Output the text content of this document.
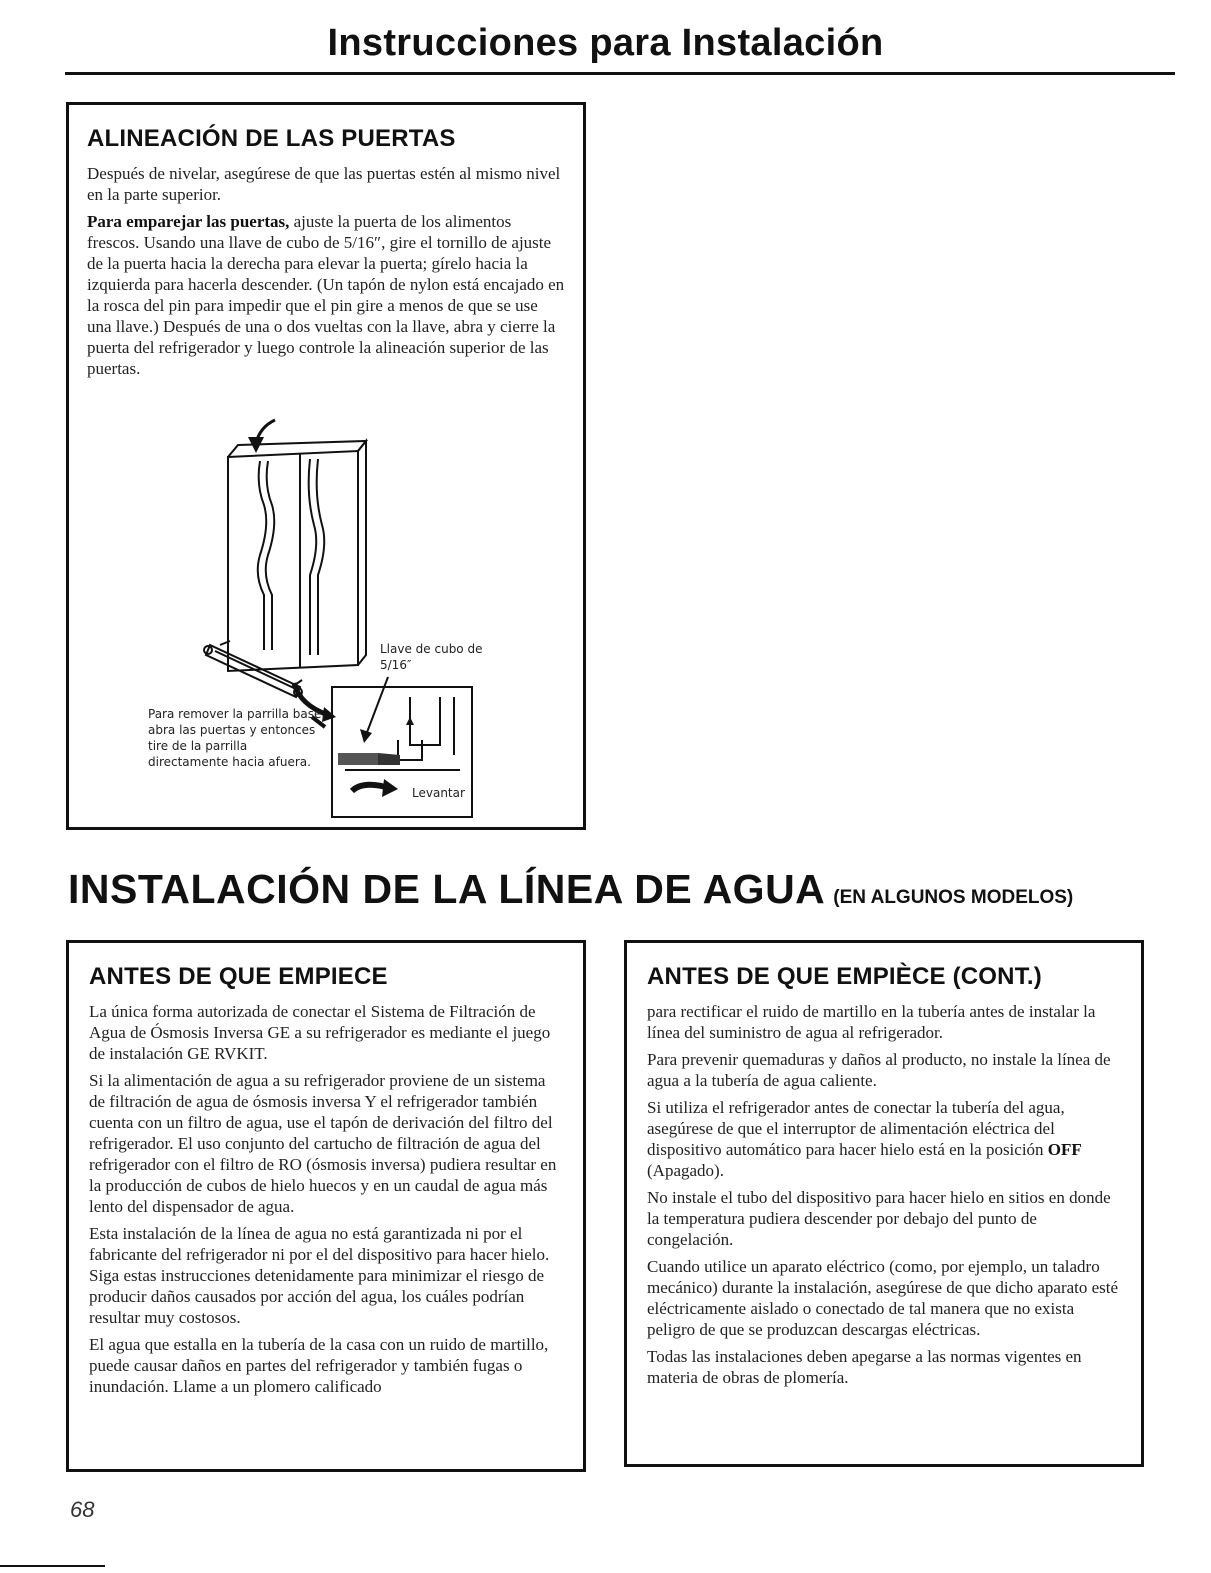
Instrucciones para Instalación
ALINEACIÓN DE LAS PUERTAS

Después de nivelar, asegúrese de que las puertas estén al mismo nivel en la parte superior.

Para emparejar las puertas, ajuste la puerta de los alimentos frescos. Usando una llave de cubo de 5/16″, gire el tornillo de ajuste de la puerta hacia la derecha para elevar la puerta; gírelo hacia la izquierda para hacerla descender. (Un tapón de nylon está encajado en la rosca del pin para impedir que el pin gire a menos de que se use una llave.) Después de una o dos vueltas con la llave, abra y cierre la puerta del refrigerador y luego controle la alineación superior de las puertas.

Llave de cubo de
5/16″
Para remover la parrilla base,
abra las puertas y entonces
tire de la parrilla
directamente hacia afuera.
Levantar
INSTALACIÓN DE LA LÍNEA DE AGUA (EN ALGUNOS MODELOS)
ANTES DE QUE EMPIECE

La única forma autorizada de conectar el Sistema de Filtración de Agua de Ósmosis Inversa GE a su refrigerador es mediante el juego de instalación GE RVKIT.

Si la alimentación de agua a su refrigerador proviene de un sistema de filtración de agua de ósmosis inversa Y el refrigerador también cuenta con un filtro de agua, use el tapón de derivación del filtro del refrigerador. El uso conjunto del cartucho de filtración de agua del refrigerador con el filtro de RO (ósmosis inversa) pudiera resultar en la producción de cubos de hielo huecos y en un caudal de agua más lento del dispensador de agua.

Esta instalación de la línea de agua no está garantizada ni por el fabricante del refrigerador ni por el del dispositivo para hacer hielo. Siga estas instrucciones detenidamente para minimizar el riesgo de producir daños causados por acción del agua, los cuáles podrían resultar muy costosos.

El agua que estalla en la tubería de la casa con un ruido de martillo, puede causar daños en partes del refrigerador y también fugas o inundación. Llame a un plomero calificado

ANTES DE QUE EMPIÈCE (CONT.)

para rectificar el ruido de martillo en la tubería antes de instalar la línea del suministro de agua al refrigerador.

Para prevenir quemaduras y daños al producto, no instale la línea de agua a la tubería de agua caliente.

Si utiliza el refrigerador antes de conectar la tubería del agua, asegúrese de que el interruptor de alimentación eléctrica del dispositivo automático para hacer hielo está en la posición OFF (Apagado).

No instale el tubo del dispositivo para hacer hielo en sitios en donde la temperatura pudiera descender por debajo del punto de congelación.

Cuando utilice un aparato eléctrico (como, por ejemplo, un taladro mecánico) durante la instalación, asegúrese de que dicho aparato esté eléctricamente aislado o conectado de tal manera que no exista peligro de que se produzcan descargas eléctricas.

Todas las instalaciones deben apegarse a las normas vigentes en materia de obras de plomería.

68
